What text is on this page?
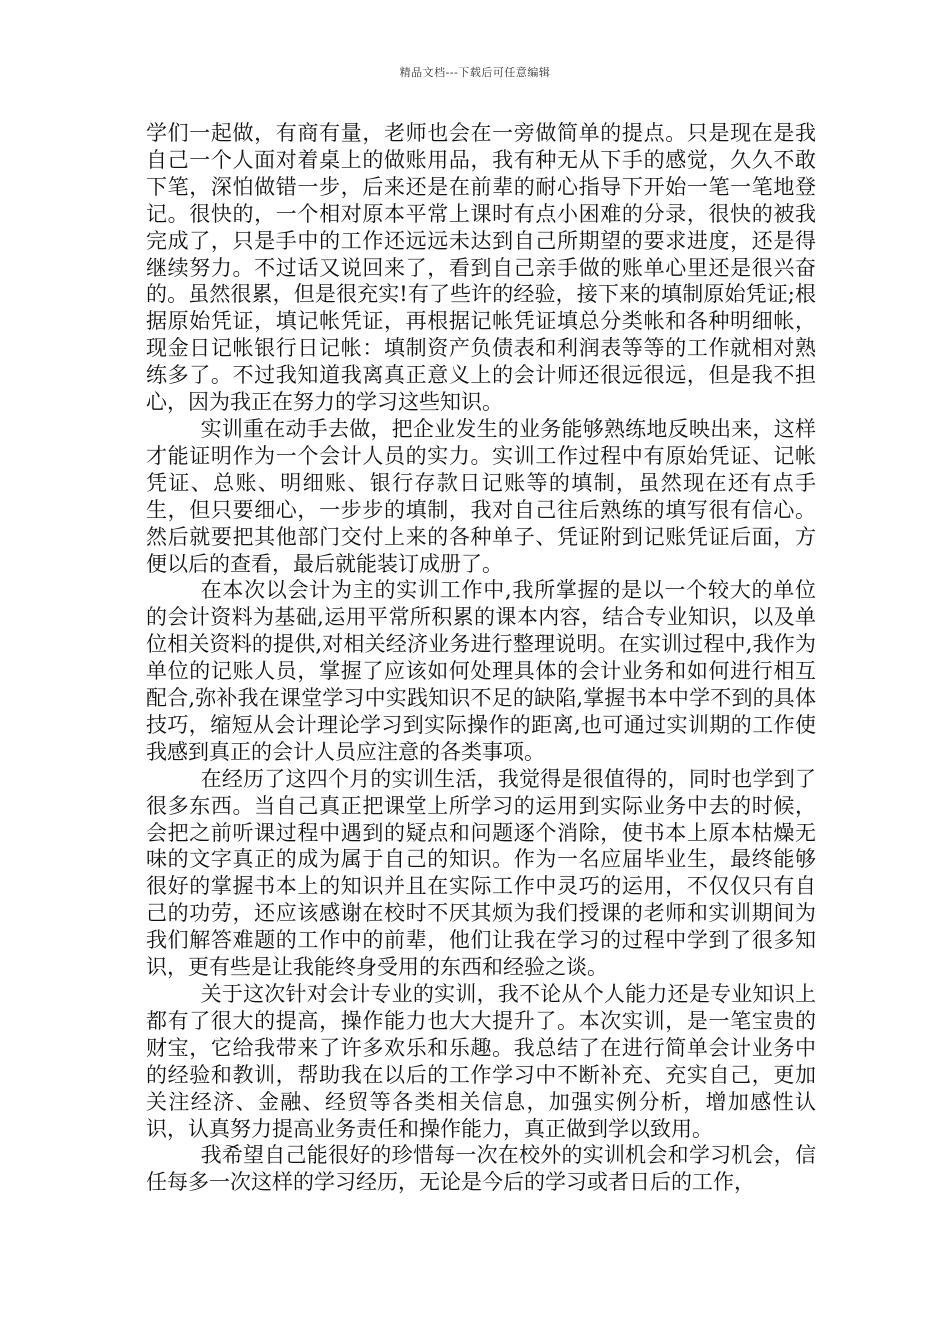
精品文档---下载后可任意编辑

学们一起做，有商有量，老师也会在一旁做简单的提点。只是现在是我自己一个人面对着桌上的做账用品，我有种无从下手的感觉，久久不敢下笔，深怕做错一步，后来还是在前辈的耐心指导下开始一笔一笔地登记。很快的，一个相对原本平常上课时有点小困难的分录，很快的被我完成了，只是手中的工作还远远未达到自己所期望的要求进度，还是得继续努力。不过话又说回来了，看到自己亲手做的账单心里还是很兴奋的。虽然很累，但是很充实!有了些许的经验，接下来的填制原始凭证;根据原始凭证，填记帐凭证，再根据记帐凭证填总分类帐和各种明细帐，现金日记帐银行日记帐：填制资产负债表和利润表等等的工作就相对熟练多了。不过我知道我离真正意义上的会计师还很远很远，但是我不担心，因为我正在努力的学习这些知识。

实训重在动手去做，把企业发生的业务能够熟练地反映出来，这样才能证明作为一个会计人员的实力。实训工作过程中有原始凭证、记帐凭证、总账、明细账、银行存款日记账等的填制，虽然现在还有点手生，但只要细心，一步步的填制，我对自己往后熟练的填写很有信心。然后就要把其他部门交付上来的各种单子、凭证附到记账凭证后面，方便以后的查看，最后就能装订成册了。

在本次以会计为主的实训工作中,我所掌握的是以一个较大的单位的会计资料为基础,运用平常所积累的课本内容，结合专业知识，以及单位相关资料的提供,对相关经济业务进行整理说明。在实训过程中,我作为单位的记账人员，掌握了应该如何处理具体的会计业务和如何进行相互配合,弥补我在课堂学习中实践知识不足的缺陷,掌握书本中学不到的具体技巧，缩短从会计理论学习到实际操作的距离,也可通过实训期的工作使我感到真正的会计人员应注意的各类事项。

在经历了这四个月的实训生活，我觉得是很值得的，同时也学到了很多东西。当自己真正把课堂上所学习的运用到实际业务中去的时候，会把之前听课过程中遇到的疑点和问题逐个消除，使书本上原本枯燥无味的文字真正的成为属于自己的知识。作为一名应届毕业生，最终能够很好的掌握书本上的知识并且在实际工作中灵巧的运用，不仅仅只有自己的功劳，还应该感谢在校时不厌其烦为我们授课的老师和实训期间为我们解答难题的工作中的前辈，他们让我在学习的过程中学到了很多知识，更有些是让我能终身受用的东西和经验之谈。

关于这次针对会计专业的实训，我不论从个人能力还是专业知识上都有了很大的提高，操作能力也大大提升了。本次实训，是一笔宝贵的财宝，它给我带来了许多欢乐和乐趣。我总结了在进行简单会计业务中的经验和教训，帮助我在以后的工作学习中不断补充、充实自己，更加关注经济、金融、经贸等各类相关信息，加强实例分析，增加感性认识，认真努力提高业务责任和操作能力，真正做到学以致用。

我希望自己能很好的珍惜每一次在校外的实训机会和学习机会，信任每多一次这样的学习经历，无论是今后的学习或者日后的工作，
